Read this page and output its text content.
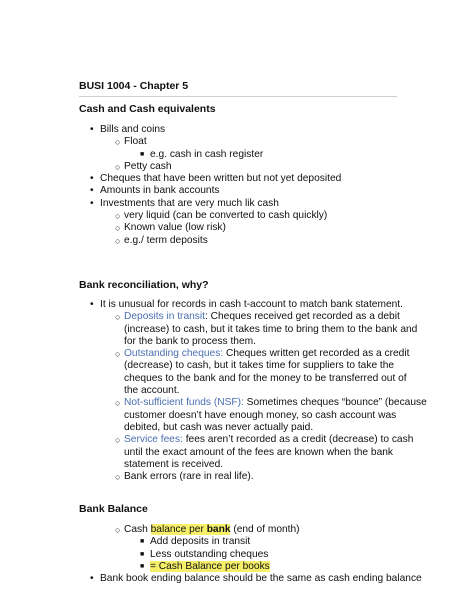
BUSI 1004 - Chapter 5
Cash and Cash equivalents
• Bills and coins
○ Float
■ e.g. cash in cash register
○ Petty cash
• Cheques that have been written but not yet deposited
• Amounts in bank accounts
• Investments that are very much lik cash
○ very liquid (can be converted to cash quickly)
○ Known value (low risk)
○ e.g./ term deposits
Bank reconciliation, why?
• It is unusual for records in cash t-account to match bank statement.
○ Deposits in transit: Cheques received get recorded as a debit
(increase) to cash, but it takes time to bring them to the bank and
for the bank to process them.
○ Outstanding cheques: Cheques written get recorded as a credit
(decrease) to cash, but it takes time for suppliers to take the
cheques to the bank and for the money to be transferred out of
the account.
○ Not-sufficient funds (NSF): Sometimes cheques “bounce” (because
customer doesn’t have enough money, so cash account was
debited, but cash was never actually paid.
○ Service fees: fees aren’t recorded as a credit (decrease) to cash
until the exact amount of the fees are known when the bank
statement is received.
○ Bank errors (rare in real life).
Bank Balance
○ Cash balance per bank (end of month)
■ Add deposits in transit
■ Less outstanding cheques
■ = Cash Balance per books
• Bank book ending balance should be the same as cash ending balance
